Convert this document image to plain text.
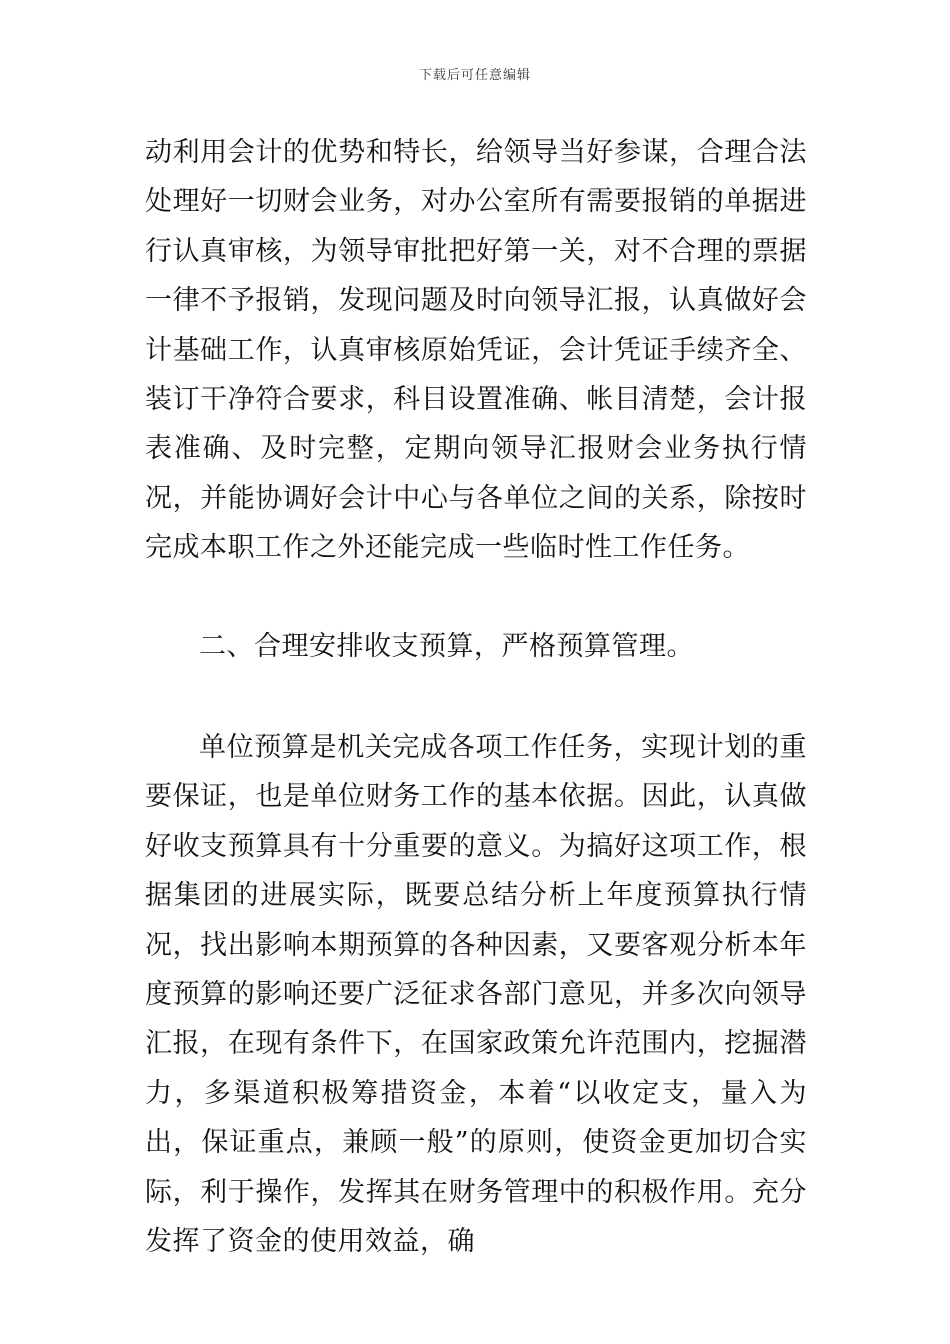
下载后可任意编辑

动利用会计的优势和特长，给领导当好参谋，合理合法处理好一切财会业务，对办公室所有需要报销的单据进行认真审核，为领导审批把好第一关，对不合理的票据一律不予报销，发现问题及时向领导汇报，认真做好会计基础工作，认真审核原始凭证，会计凭证手续齐全、装订干净符合要求，科目设置准确、帐目清楚，会计报表准确、及时完整，定期向领导汇报财会业务执行情况，并能协调好会计中心与各单位之间的关系，除按时完成本职工作之外还能完成一些临时性工作任务。

二、合理安排收支预算，严格预算管理。

单位预算是机关完成各项工作任务，实现计划的重要保证，也是单位财务工作的基本依据。因此，认真做好收支预算具有十分重要的意义。为搞好这项工作，根据集团的进展实际，既要总结分析上年度预算执行情况，找出影响本期预算的各种因素，又要客观分析本年度预算的影响还要广泛征求各部门意见，并多次向领导汇报，在现有条件下，在国家政策允许范围内，挖掘潜力，多渠道积极筹措资金，本着“以收定支，量入为出，保证重点，兼顾一般”的原则，使资金更加切合实际，利于操作，发挥其在财务管理中的积极作用。充分发挥了资金的使用效益，确
